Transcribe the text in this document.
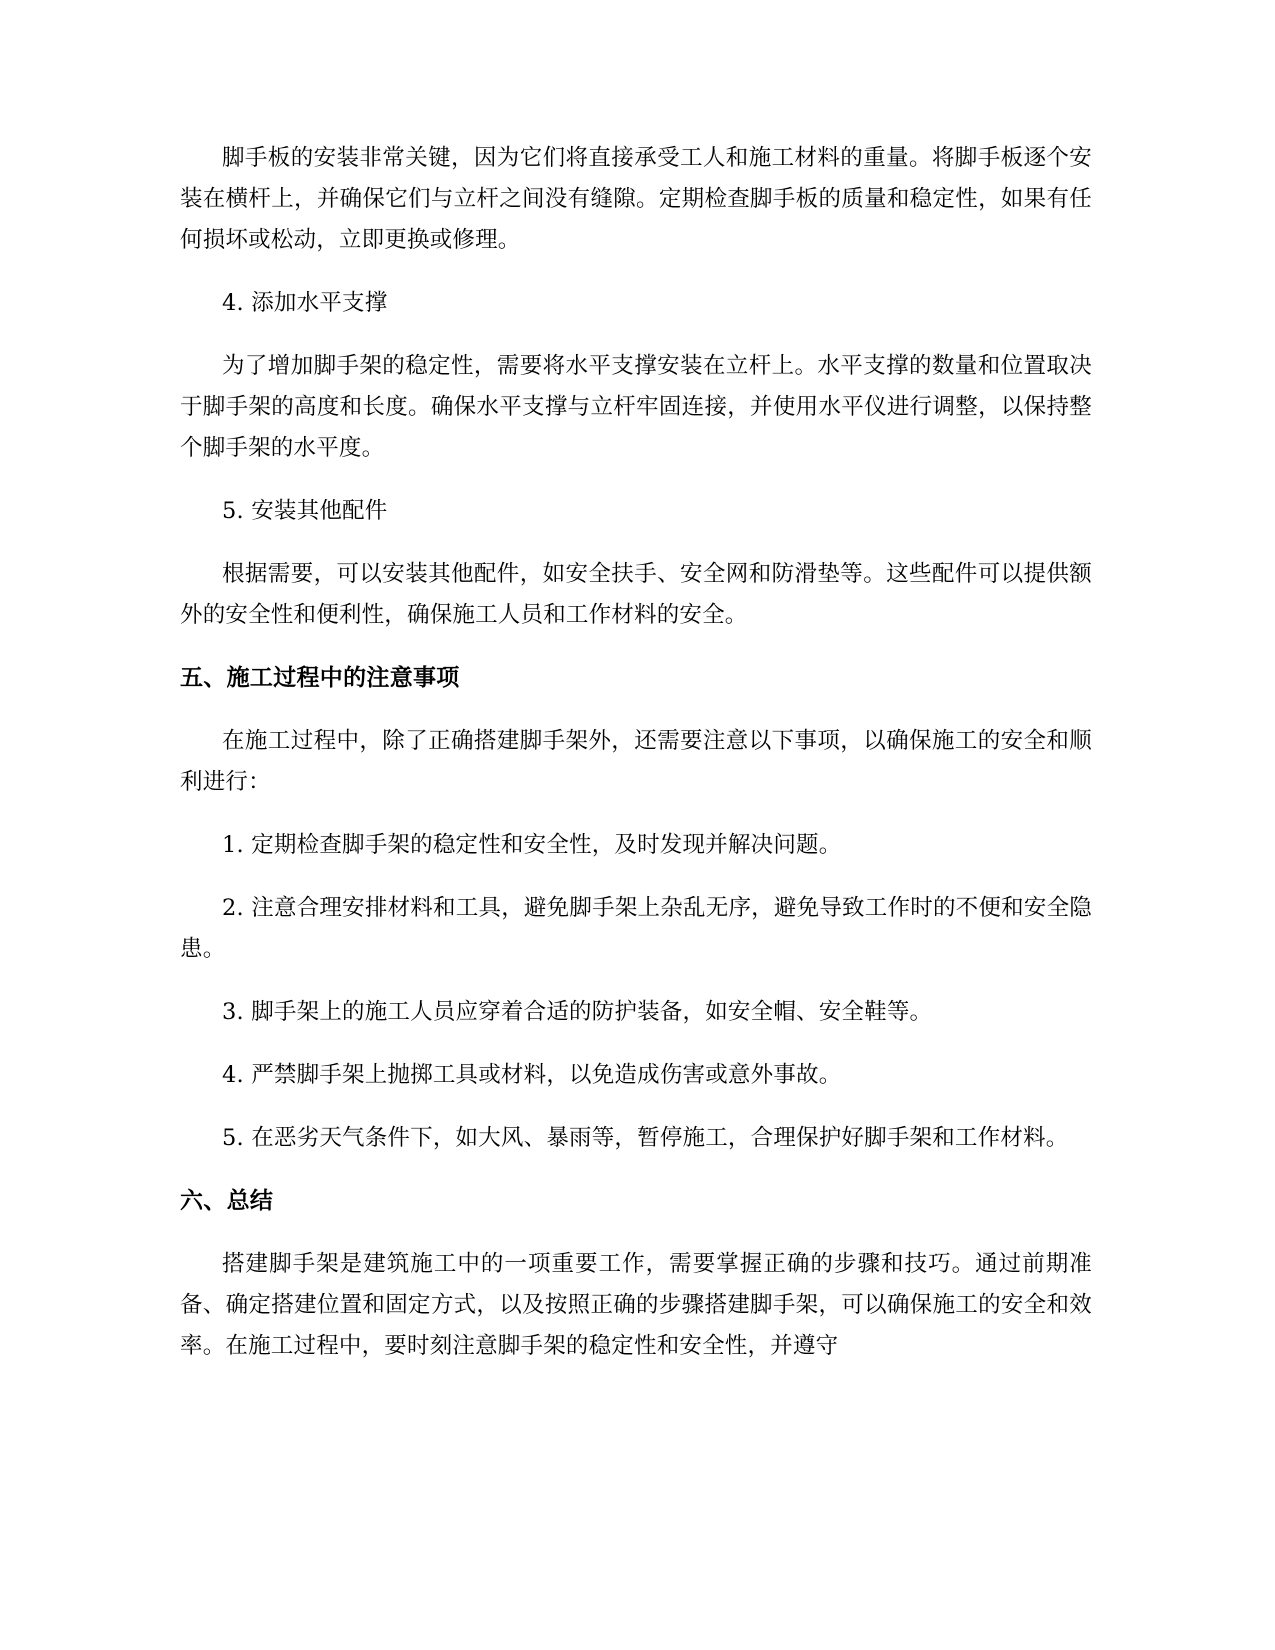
脚手板的安装非常关键，因为它们将直接承受工人和施工材料的重量。将脚手板逐个安装在横杆上，并确保它们与立杆之间没有缝隙。定期检查脚手板的质量和稳定性，如果有任何损坏或松动，立即更换或修理。

4. 添加水平支撑

为了增加脚手架的稳定性，需要将水平支撑安装在立杆上。水平支撑的数量和位置取决于脚手架的高度和长度。确保水平支撑与立杆牢固连接，并使用水平仪进行调整，以保持整个脚手架的水平度。

5. 安装其他配件

根据需要，可以安装其他配件，如安全扶手、安全网和防滑垫等。这些配件可以提供额外的安全性和便利性，确保施工人员和工作材料的安全。

五、施工过程中的注意事项

在施工过程中，除了正确搭建脚手架外，还需要注意以下事项，以确保施工的安全和顺利进行：

1. 定期检查脚手架的稳定性和安全性，及时发现并解决问题。

2. 注意合理安排材料和工具，避免脚手架上杂乱无序，避免导致工作时的不便和安全隐患。

3. 脚手架上的施工人员应穿着合适的防护装备，如安全帽、安全鞋等。

4. 严禁脚手架上抛掷工具或材料，以免造成伤害或意外事故。

5. 在恶劣天气条件下，如大风、暴雨等，暂停施工，合理保护好脚手架和工作材料。

六、总结

搭建脚手架是建筑施工中的一项重要工作，需要掌握正确的步骤和技巧。通过前期准备、确定搭建位置和固定方式，以及按照正确的步骤搭建脚手架，可以确保施工的安全和效率。在施工过程中，要时刻注意脚手架的稳定性和安全性，并遵守
